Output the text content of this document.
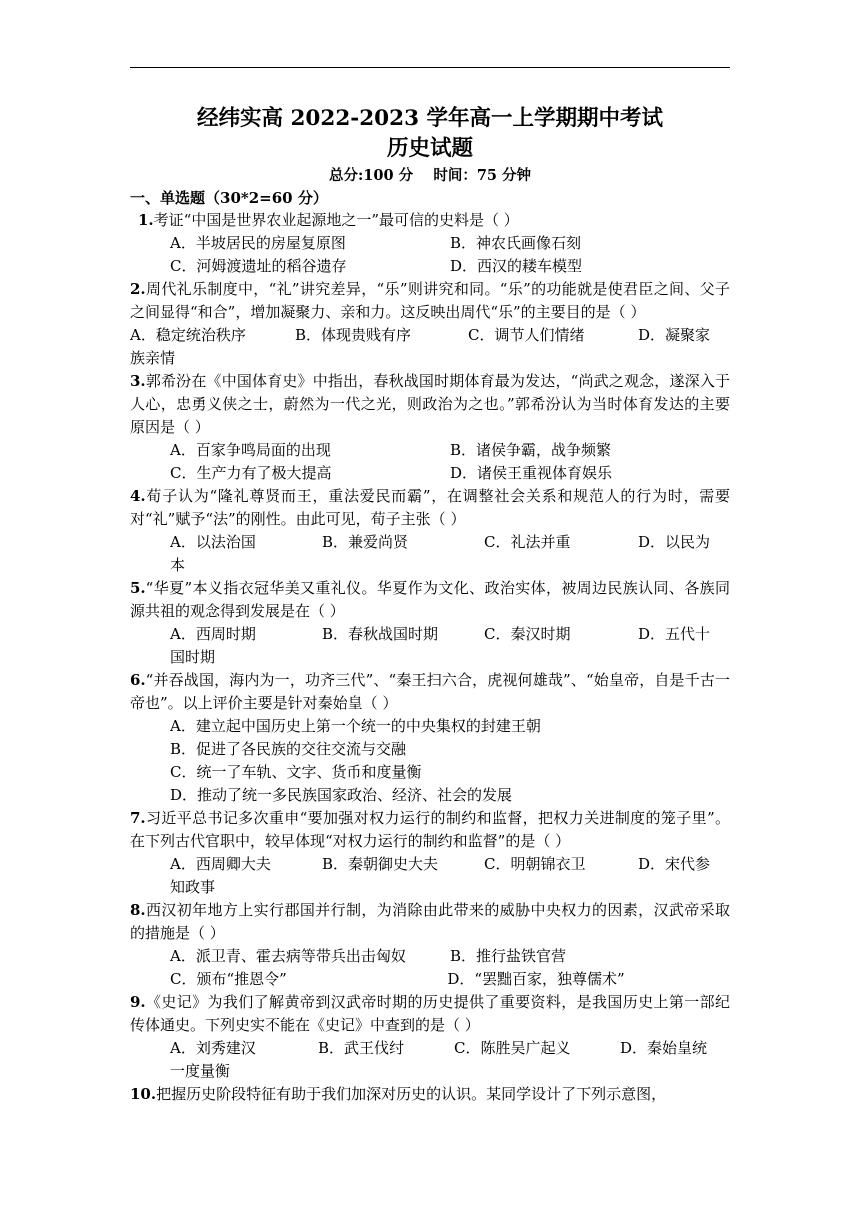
经纬实高 2022-2023 学年高一上学期期中考试
历史试题
总分:100 分    时间：75 分钟
一、单选题（30*2=60 分）
1.考证“中国是世界农业起源地之一”最可信的史料是（ ）
A．半坡居民的房屋复原图	B．神农氏画像石刻
C．河姆渡遗址的稻谷遗存	D．西汉的耧车模型
2.周代礼乐制度中，“礼”讲究差异，“乐”则讲究和同。“乐”的功能就是使君臣之间、父子之间显得“和合”，增加凝聚力、亲和力。这反映出周代“乐”的主要目的是（ ）
A．稳定统治秩序	B．体现贵贱有序	C．调节人们情绪	D．凝聚家
族亲情
3.郭希汾在《中国体育史》中指出，春秋战国时期体育最为发达，“尚武之观念，遂深入于人心，忠勇义侠之士，蔚然为一代之光，则政治为之也。”郭希汾认为当时体育发达的主要原因是（ ）
A．百家争鸣局面的出现	B．诸侯争霸，战争频繁
C．生产力有了极大提高	D．诸侯王重视体育娱乐
4.荀子认为“隆礼尊贤而王，重法爱民而霸”，在调整社会关系和规范人的行为时，需要对“礼”赋予“法”的刚性。由此可见，荀子主张（ ）
A．以法治国	B．兼爱尚贤	C．礼法并重	D．以民为
本
5.“华夏”本义指衣冠华美又重礼仪。华夏作为文化、政治实体，被周边民族认同、各族同源共祖的观念得到发展是在（ ）
A．西周时期	B．春秋战国时期	C．秦汉时期	D．五代十
国时期
6.“并吞战国，海内为一，功齐三代”、“秦王扫六合，虎视何雄哉”、“始皇帝，自是千古一帝也”。以上评价主要是针对秦始皇（ ）
A．建立起中国历史上第一个统一的中央集权的封建王朝
B．促进了各民族的交往交流与交融
C．统一了车轨、文字、货币和度量衡
D．推动了统一多民族国家政治、经济、社会的发展
7.习近平总书记多次重申“要加强对权力运行的制约和监督，把权力关进制度的笼子里”。在下列古代官职中，较早体现“对权力运行的制约和监督”的是（ ）
A．西周卿大夫	B．秦朝御史大夫	C．明朝锦衣卫	D．宋代参
知政事
8.西汉初年地方上实行郡国并行制，为消除由此带来的威胁中央权力的因素，汉武帝采取的措施是（ ）
A．派卫青、霍去病等带兵出击匈奴	B．推行盐铁官营
C．颁布“推恩令”	D．“罢黜百家，独尊儒术”
9.《史记》为我们了解黄帝到汉武帝时期的历史提供了重要资料，是我国历史上第一部纪传体通史。下列史实不能在《史记》中查到的是（ ）
A．刘秀建汉	B．武王伐纣	C．陈胜吴广起义	D．秦始皇统
一度量衡
10.把握历史阶段特征有助于我们加深对历史的认识。某同学设计了下列示意图，
